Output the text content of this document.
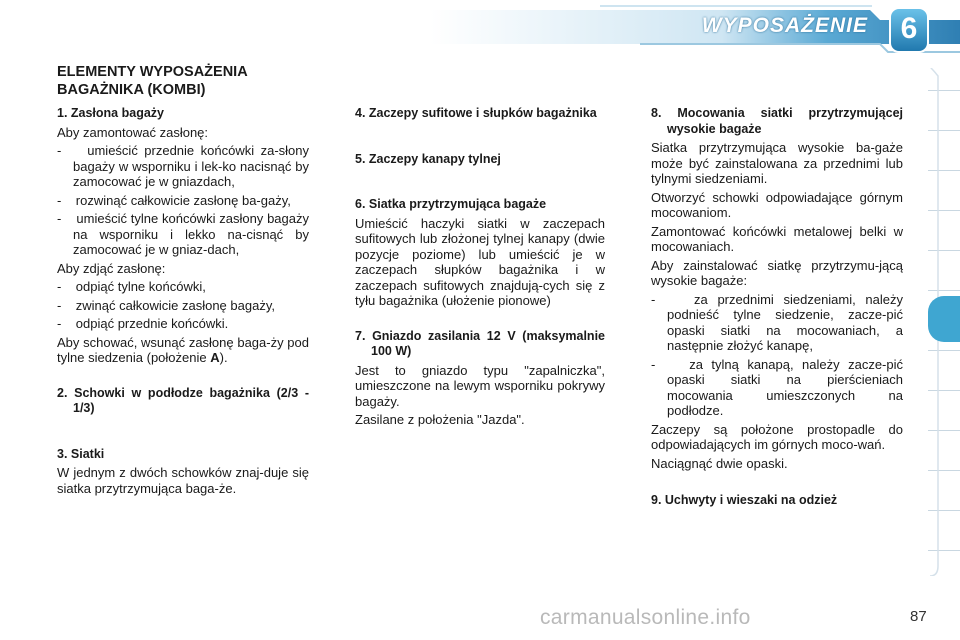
WYPOSAŻENIE	6
ELEMENTY WYPOSAŻENIA
BAGAŻNIKA (KOMBI)

1. Zasłona bagaży

Aby zamontować zasłonę:

-    umieścić przednie końcówki za-słony bagaży w wsporniku i lek-ko nacisnąć by zamocować je w gniazdach,
-    rozwinąć całkowicie zasłonę ba-gaży,
-    umieścić tylne końcówki zasłony bagaży na wsporniku i lekko na-cisnąć by zamocować je w gniaz-dach,

Aby zdjąć zasłonę:

-    odpiąć tylne końcówki,
-    zwinąć całkowicie zasłonę bagaży,
-    odpiąć przednie końcówki.

Aby schować, wsunąć zasłonę baga-ży pod tylne siedzenia (położenie A).

2. Schowki w podłodze bagażnika (2/3 - 1/3)

3. Siatki

W jednym z dwóch schowków znaj-duje się siatka przytrzymująca baga-że.

4. Zaczepy sufitowe i słupków bagażnika

5. Zaczepy kanapy tylnej

6. Siatka przytrzymująca bagaże

Umieścić haczyki siatki w zaczepach sufitowych lub złożonej tylnej kanapy (dwie pozycje poziome) lub umieścić je w zaczepach słupków bagażnika i w zaczepach sufitowych znajdują-cych się z tyłu bagażnika (ułożenie pionowe)

7. Gniazdo zasilania 12 V (maksymalnie 100 W)

Jest to gniazdo typu "zapalniczka", umieszczone na lewym wsporniku pokrywy bagaży.

Zasilane z położenia "Jazda".

8. Mocowania siatki przytrzymującej wysokie bagaże

Siatka przytrzymująca wysokie ba-gaże może być zainstalowana za przednimi lub tylnymi siedzeniami.

Otworzyć schowki odpowiadające górnym mocowaniom.

Zamontować końcówki metalowej belki w mocowaniach.

Aby zainstalować siatkę przytrzymu-jącą wysokie bagaże:

-    za przednimi siedzeniami, należy podnieść tylne siedzenie, zacze-pić opaski siatki na mocowaniach, a następnie złożyć kanapę,
-    za tylną kanapą, należy zacze-pić opaski siatki na pierścieniach mocowania umieszczonych na podłodze.

Zaczepy są położone prostopadle do odpowiadających im górnych moco-wań.

Naciągnąć dwie opaski.

9. Uchwyty i wieszaki na odzież

carmanualsonline.info	87
